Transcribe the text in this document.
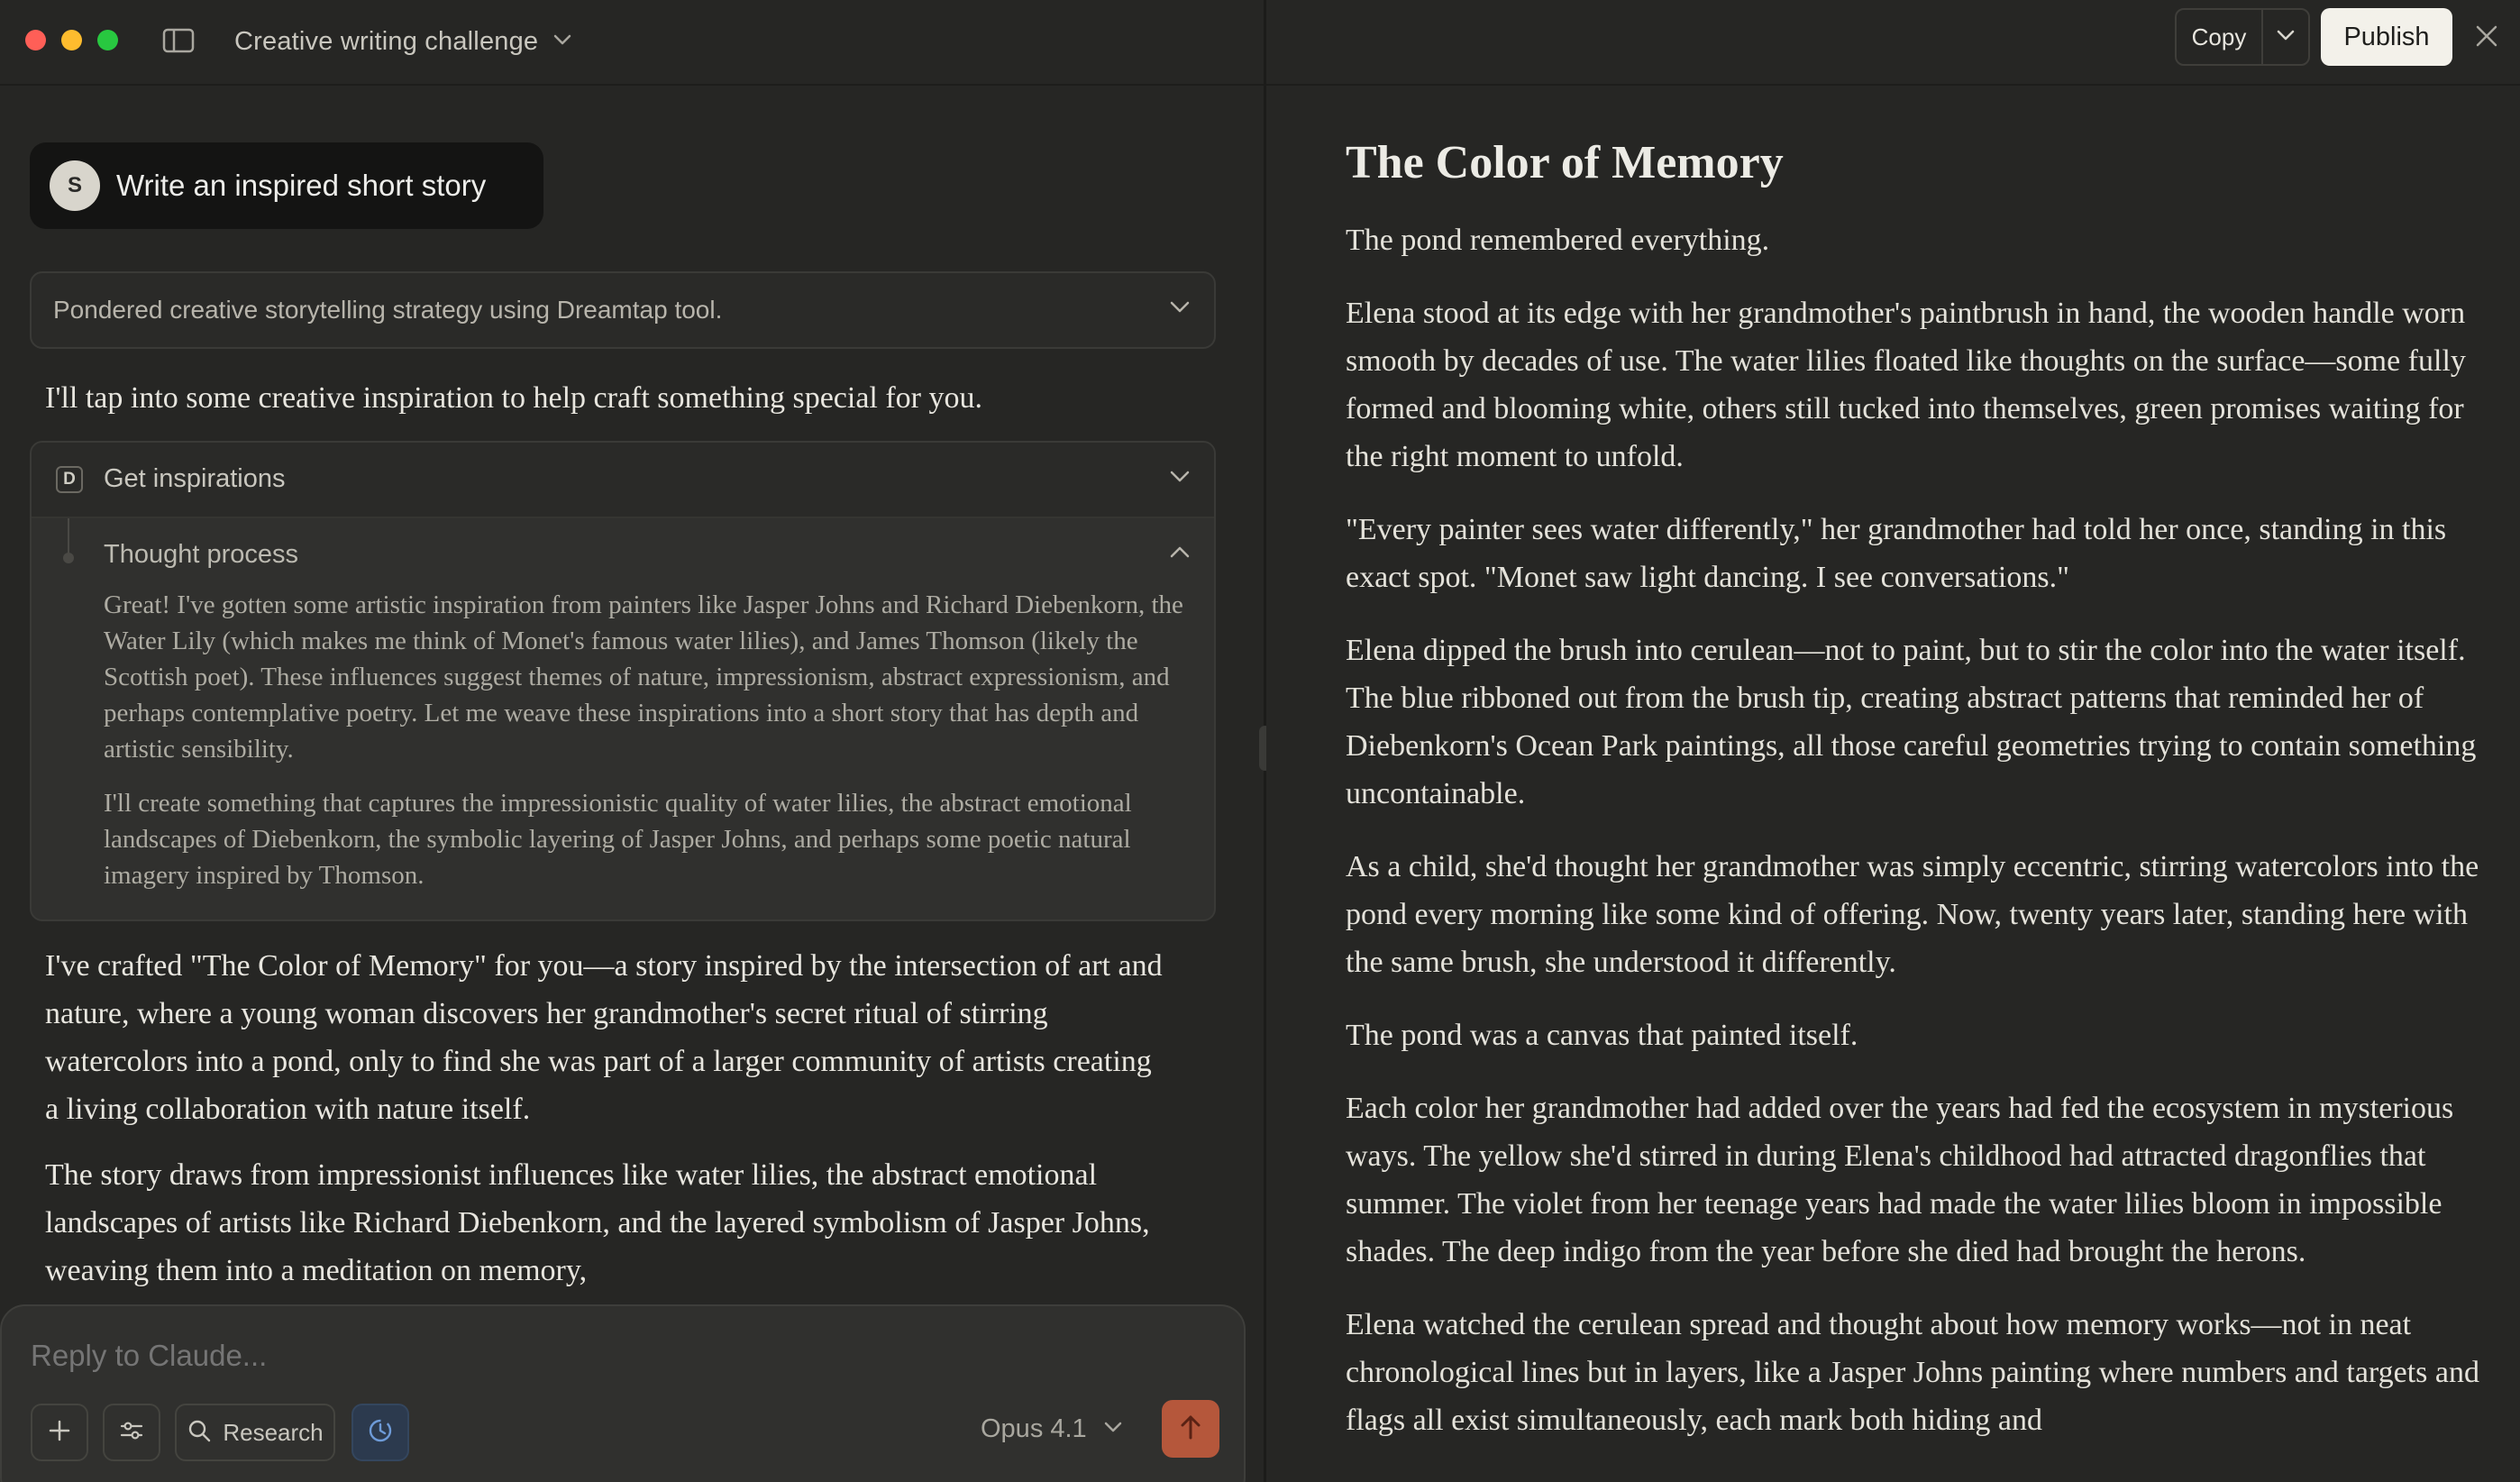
Creative writing challenge
S	Write an inspired short story
Pondered creative storytelling strategy using Dreamtap tool.
I'll tap into some creative inspiration to help craft something special for you.
D Get inspirations
Thought process
Great! I've gotten some artistic inspiration from painters like Jasper Johns and Richard Diebenkorn, the Water Lily (which makes me think of Monet's famous water lilies), and James Thomson (likely the Scottish poet). These influences suggest themes of nature, impressionism, abstract expressionism, and perhaps contemplative poetry. Let me weave these inspirations into a short story that has depth and artistic sensibility.
I'll create something that captures the impressionistic quality of water lilies, the abstract emotional landscapes of Diebenkorn, the symbolic layering of Jasper Johns, and perhaps some poetic natural imagery inspired by Thomson.
I've crafted "The Color of Memory" for you—a story inspired by the intersection of art and nature, where a young woman discovers her grandmother's secret ritual of stirring watercolors into a pond, only to find she was part of a larger community of artists creating a living collaboration with nature itself.
The story draws from impressionist influences like water lilies, the abstract emotional landscapes of artists like Richard Diebenkorn, and the layered symbolism of Jasper Johns, weaving them into a meditation on memory,
Reply to Claude...
Research	Opus 4.1
Copy	Publish
The Color of Memory

The pond remembered everything.

Elena stood at its edge with her grandmother's paintbrush in hand, the wooden handle worn smooth by decades of use. The water lilies floated like thoughts on the surface—some fully formed and blooming white, others still tucked into themselves, green promises waiting for the right moment to unfold.

"Every painter sees water differently," her grandmother had told her once, standing in this exact spot. "Monet saw light dancing. I see conversations."

Elena dipped the brush into cerulean—not to paint, but to stir the color into the water itself. The blue ribboned out from the brush tip, creating abstract patterns that reminded her of Diebenkorn's Ocean Park paintings, all those careful geometries trying to contain something uncontainable.

As a child, she'd thought her grandmother was simply eccentric, stirring watercolors into the pond every morning like some kind of offering. Now, twenty years later, standing here with the same brush, she understood it differently.

The pond was a canvas that painted itself.

Each color her grandmother had added over the years had fed the ecosystem in mysterious ways. The yellow she'd stirred in during Elena's childhood had attracted dragonflies that summer. The violet from her teenage years had made the water lilies bloom in impossible shades. The deep indigo from the year before she died had brought the herons.

Elena watched the cerulean spread and thought about how memory works—not in neat chronological lines but in layers, like a Jasper Johns painting where numbers and targets and flags all exist simultaneously, each mark both hiding and
